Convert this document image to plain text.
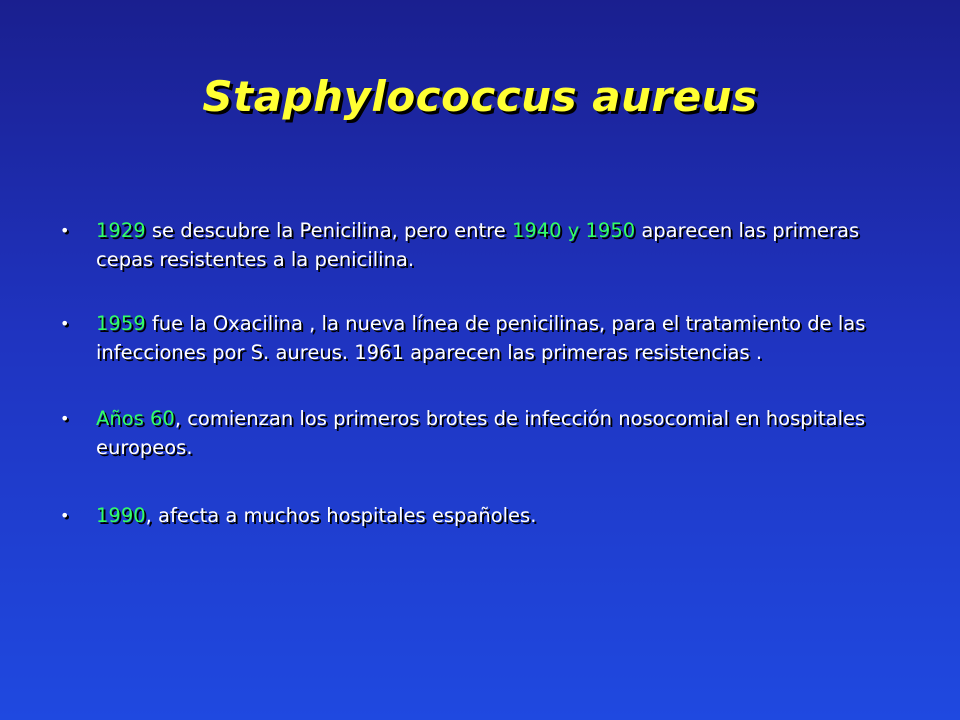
Staphylococcus aureus
• 1929 se descubre la Penicilina, pero entre 1940 y 1950 aparecen las primeras cepas resistentes a la penicilina.
• 1959 fue la Oxacilina , la nueva línea de penicilinas, para el tratamiento de las infecciones por S. aureus. 1961 aparecen las primeras resistencias .
• Años 60, comienzan los primeros brotes de infección nosocomial en hospitales europeos.
• 1990, afecta a muchos hospitales españoles.
